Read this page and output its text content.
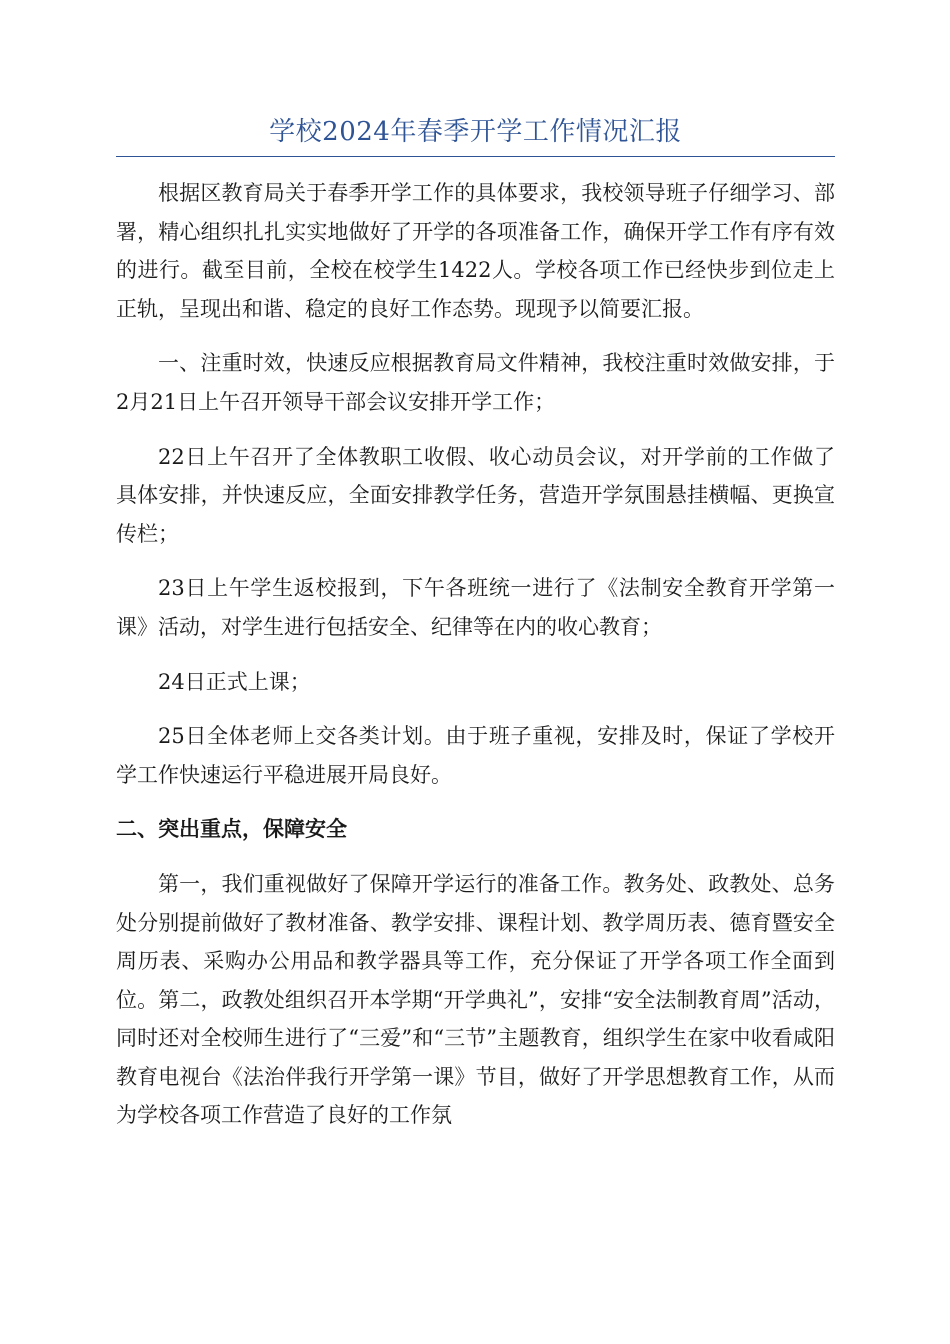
学校2024年春季开学工作情况汇报

根据区教育局关于春季开学工作的具体要求，我校领导班子仔细学习、部署，精心组织扎扎实实地做好了开学的各项准备工作，确保开学工作有序有效的进行。截至目前，全校在校学生1422人。学校各项工作已经快步到位走上正轨，呈现出和谐、稳定的良好工作态势。现现予以简要汇报。

一、注重时效，快速反应根据教育局文件精神，我校注重时效做安排，于2月21日上午召开领导干部会议安排开学工作；

22日上午召开了全体教职工收假、收心动员会议，对开学前的工作做了具体安排，并快速反应，全面安排教学任务，营造开学氛围悬挂横幅、更换宣传栏；

23日上午学生返校报到，下午各班统一进行了《法制安全教育开学第一课》活动，对学生进行包括安全、纪律等在内的收心教育；

24日正式上课；

25日全体老师上交各类计划。由于班子重视，安排及时，保证了学校开学工作快速运行平稳进展开局良好。

二、突出重点，保障安全

第一，我们重视做好了保障开学运行的准备工作。教务处、政教处、总务处分别提前做好了教材准备、教学安排、课程计划、教学周历表、德育暨安全周历表、采购办公用品和教学器具等工作，充分保证了开学各项工作全面到位。第二，政教处组织召开本学期“开学典礼”，安排“安全法制教育周”活动，同时还对全校师生进行了“三爱”和“三节”主题教育，组织学生在家中收看咸阳教育电视台《法治伴我行开学第一课》节目，做好了开学思想教育工作，从而为学校各项工作营造了良好的工作氛
